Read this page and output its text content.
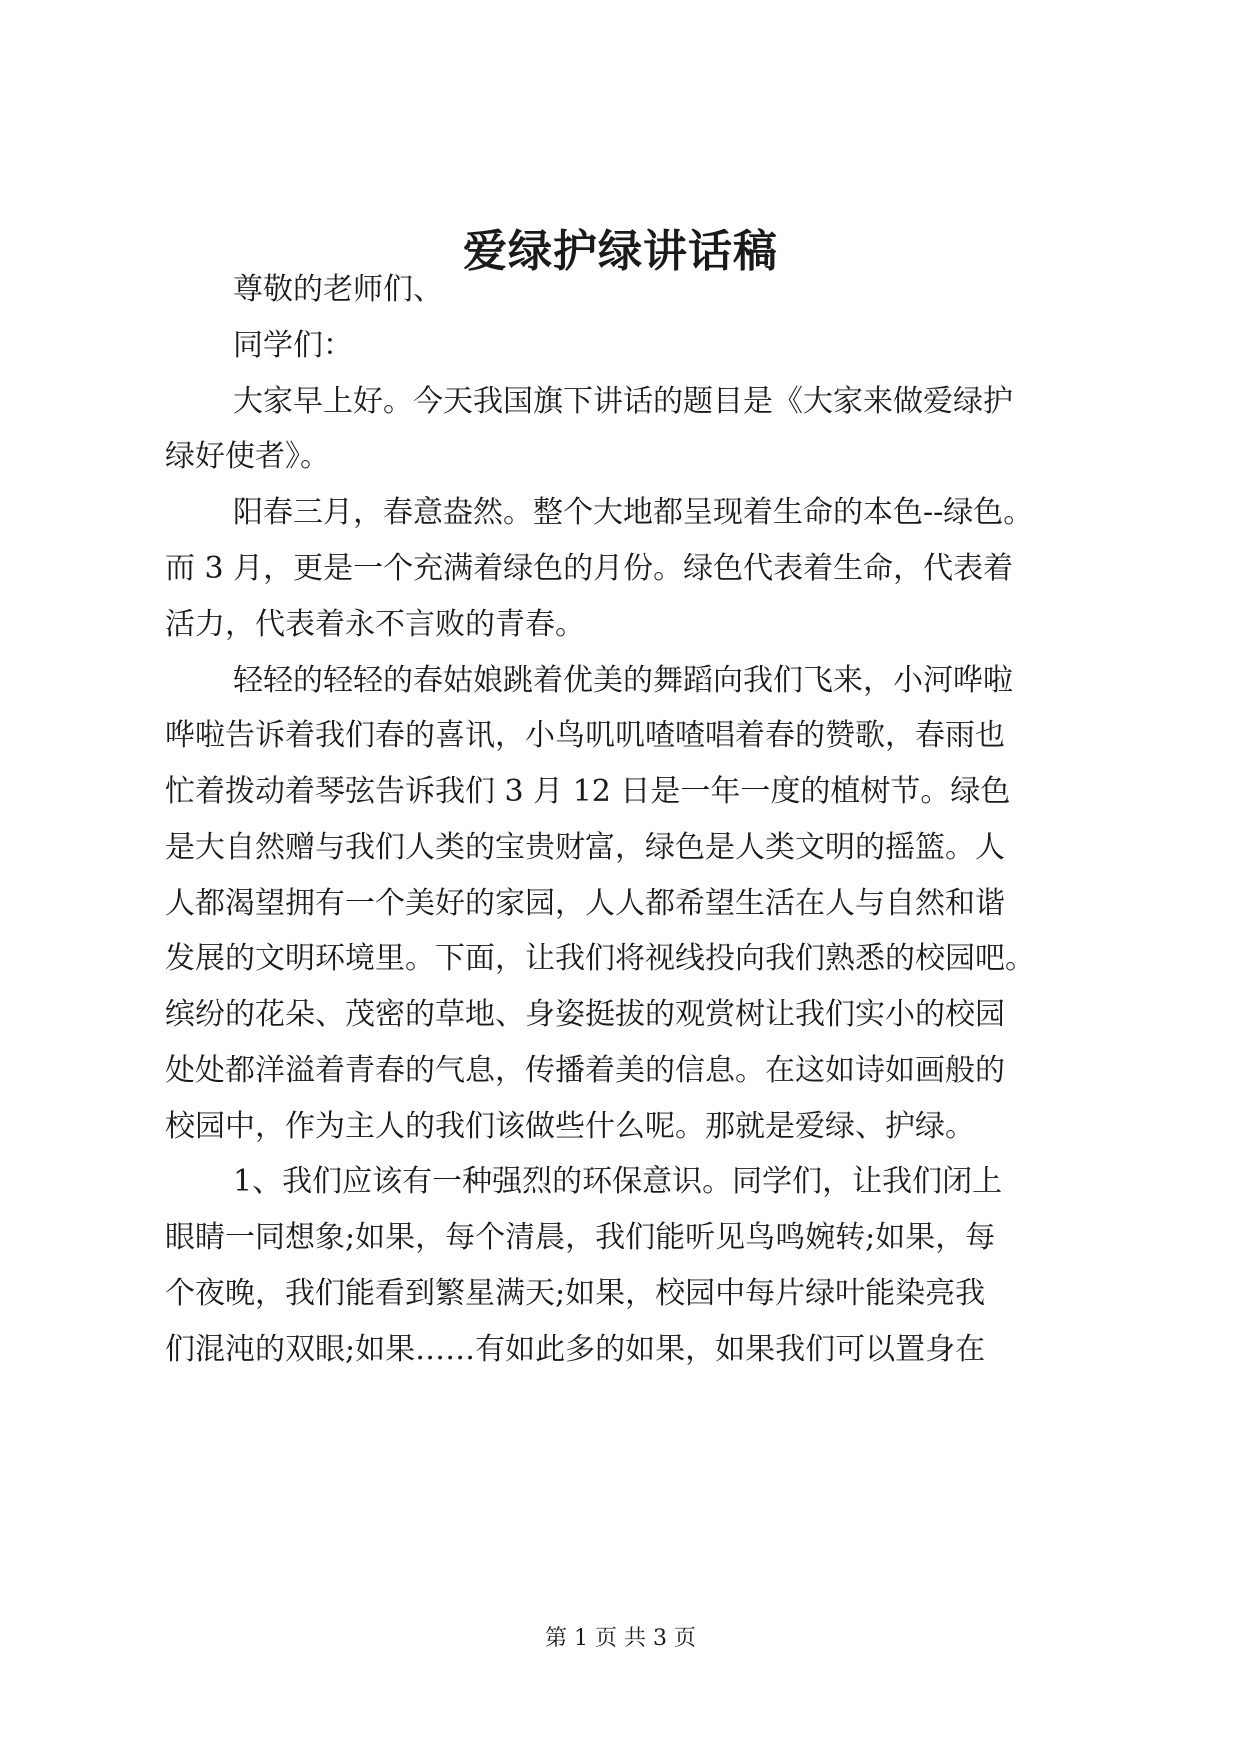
爱绿护绿讲话稿

尊敬的老师们、

同学们：

大家早上好。今天我国旗下讲话的题目是《大家来做爱绿护

绿好使者》。

阳春三月，春意盎然。整个大地都呈现着生命的本色--绿色。

而 3 月，更是一个充满着绿色的月份。绿色代表着生命，代表着

活力，代表着永不言败的青春。

轻轻的轻轻的春姑娘跳着优美的舞蹈向我们飞来，小河哗啦

哗啦告诉着我们春的喜讯，小鸟叽叽喳喳唱着春的赞歌，春雨也

忙着拨动着琴弦告诉我们 3 月 12 日是一年一度的植树节。绿色

是大自然赠与我们人类的宝贵财富，绿色是人类文明的摇篮。人

人都渴望拥有一个美好的家园，人人都希望生活在人与自然和谐

发展的文明环境里。下面，让我们将视线投向我们熟悉的校园吧。

缤纷的花朵、茂密的草地、身姿挺拔的观赏树让我们实小的校园

处处都洋溢着青春的气息，传播着美的信息。在这如诗如画般的

校园中，作为主人的我们该做些什么呢。那就是爱绿、护绿。

1、我们应该有一种强烈的环保意识。同学们，让我们闭上

眼睛一同想象;如果，每个清晨，我们能听见鸟鸣婉转;如果，每

个夜晚，我们能看到繁星满天;如果，校园中每片绿叶能染亮我

们混沌的双眼;如果……有如此多的如果，如果我们可以置身在

第 1 页 共 3 页
